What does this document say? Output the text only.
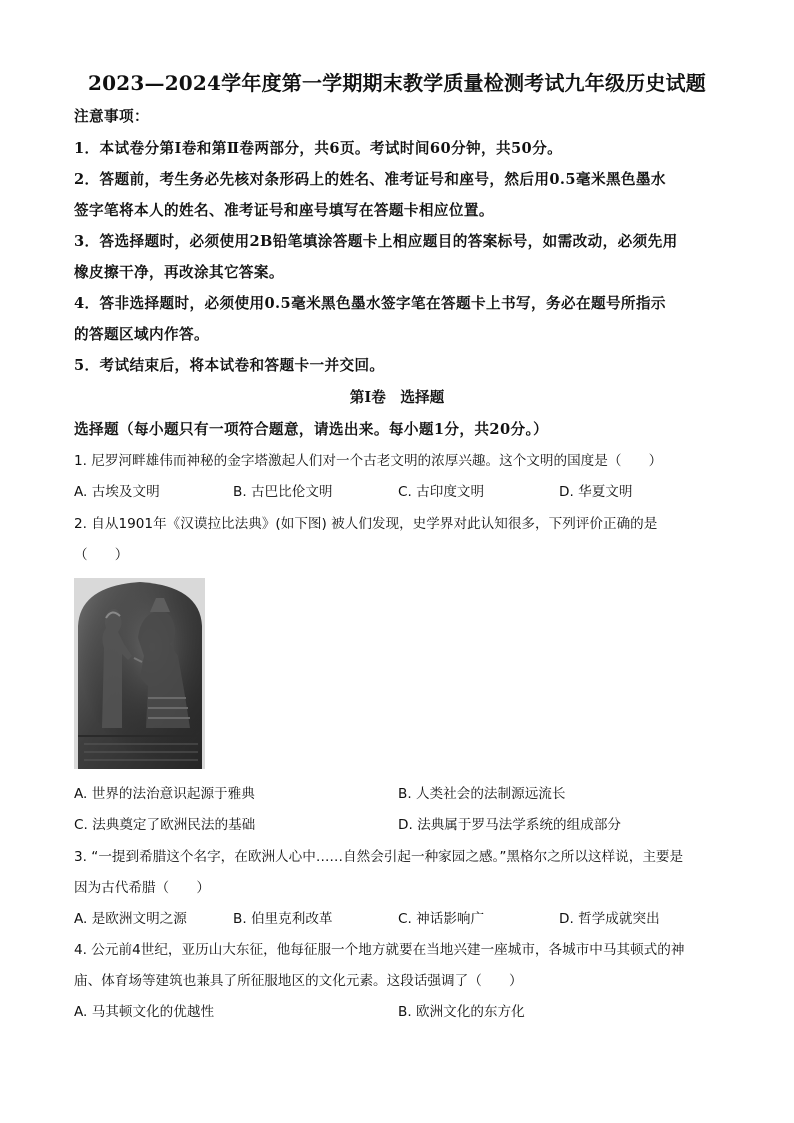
2023—2024学年度第一学期期末教学质量检测考试九年级历史试题
注意事项：
1．本试卷分第Ⅰ卷和第Ⅱ卷两部分，共6页。考试时间60分钟，共50分。
2．答题前，考生务必先核对条形码上的姓名、准考证号和座号，然后用0.5毫米黑色墨水
签字笔将本人的姓名、准考证号和座号填写在答题卡相应位置。
3．答选择题时，必须使用2B铅笔填涂答题卡上相应题目的答案标号，如需改动，必须先用
橡皮擦干净，再改涂其它答案。
4．答非选择题时，必须使用0.5毫米黑色墨水签字笔在答题卡上书写，务必在题号所指示
的答题区域内作答。
5．考试结束后，将本试卷和答题卡一并交回。
第Ⅰ卷　选择题
选择题（每小题只有一项符合题意，请选出来。每小题1分，共20分。）
1. 尼罗河畔雄伟而神秘的金字塔激起人们对一个古老文明的浓厚兴趣。这个文明的国度是（　　）
A. 古埃及文明	B. 古巴比伦文明	C. 古印度文明	D. 华夏文明
2. 自从1901年《汉谟拉比法典》(如下图) 被人们发现，史学界对此认知很多，下列评价正确的是
（　　）
A. 世界的法治意识起源于雅典	B. 人类社会的法制源远流长
C. 法典奠定了欧洲民法的基础	D. 法典属于罗马法学系统的组成部分
3. “一提到希腊这个名字，在欧洲人心中……自然会引起一种家园之感。”黑格尔之所以这样说，主要是
因为古代希腊（　　）
A. 是欧洲文明之源	B. 伯里克利改革	C. 神话影响广	D. 哲学成就突出
4. 公元前4世纪，亚历山大东征，他每征服一个地方就要在当地兴建一座城市，各城市中马其顿式的神
庙、体育场等建筑也兼具了所征服地区的文化元素。这段话强调了（　　）
A. 马其顿文化的优越性	B. 欧洲文化的东方化
